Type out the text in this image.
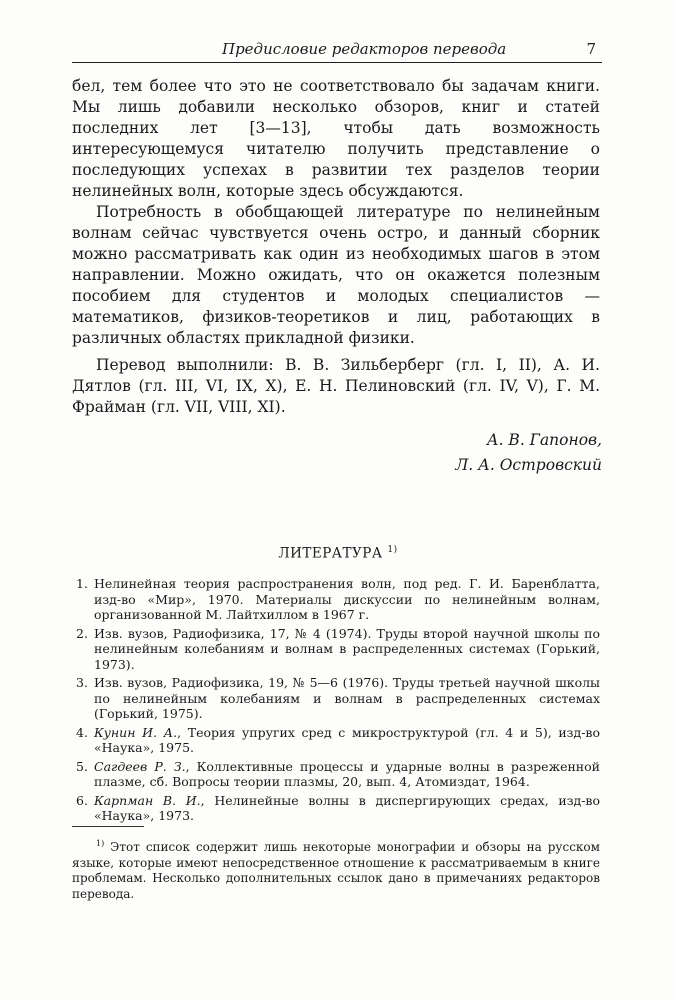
Предисловие редакторов перевода	7

бел, тем более что это не соответствовало бы задачам книги. Мы лишь добавили несколько обзоров, книг и статей последних лет [3—13], чтобы дать возможность интересующемуся читателю получить представление о последующих успехах в развитии тех разделов теории нелинейных волн, которые здесь обсуждаются.

Потребность в обобщающей литературе по нелинейным волнам сейчас чувствуется очень остро, и данный сборник можно рассматривать как один из необходимых шагов в этом направлении. Можно ожидать, что он окажется полезным пособием для студентов и молодых специалистов — математиков, физиков-теоретиков и лиц, работающих в различных областях прикладной физики.

Перевод выполнили: В. В. Зильберберг (гл. I, II), А. И. Дятлов (гл. III, VI, IX, X), Е. Н. Пелиновский (гл. IV, V), Г. М. Фрайман (гл. VII, VIII, XI).

А. В. Гапонов,
Л. А. Островский
ЛИТЕРАТУРА $^{1)}$
1. Нелинейная теория распространения волн, под ред. Г. И. Баренблатта, изд-во «Мир», 1970. Материалы дискуссии по нелинейным волнам, организованной М. Лайтхиллом в 1967 г.
2. Изв. вузов, Радиофизика, 17, № 4 (1974). Труды второй научной школы по нелинейным колебаниям и волнам в распределенных системах (Горький, 1973).
3. Изв. вузов, Радиофизика, 19, № 5—6 (1976). Труды третьей научной школы по нелинейным колебаниям и волнам в распределенных системах (Горький, 1975).
4. Кунин И. А., Теория упругих сред с микроструктурой (гл. 4 и 5), изд-во «Наука», 1975.
5. Сагдеев Р. З., Коллективные процессы и ударные волны в разреженной плазме, сб. Вопросы теории плазмы, 20, вып. 4, Атомиздат, 1964.
6. Карпман В. И., Нелинейные волны в диспергирующих средах, изд-во «Наука», 1973.

$^{1)}$ Этот список содержит лишь некоторые монографии и обзоры на русском языке, которые имеют непосредственное отношение к рассматриваемым в книге проблемам. Несколько дополнительных ссылок дано в примечаниях редакторов перевода.
